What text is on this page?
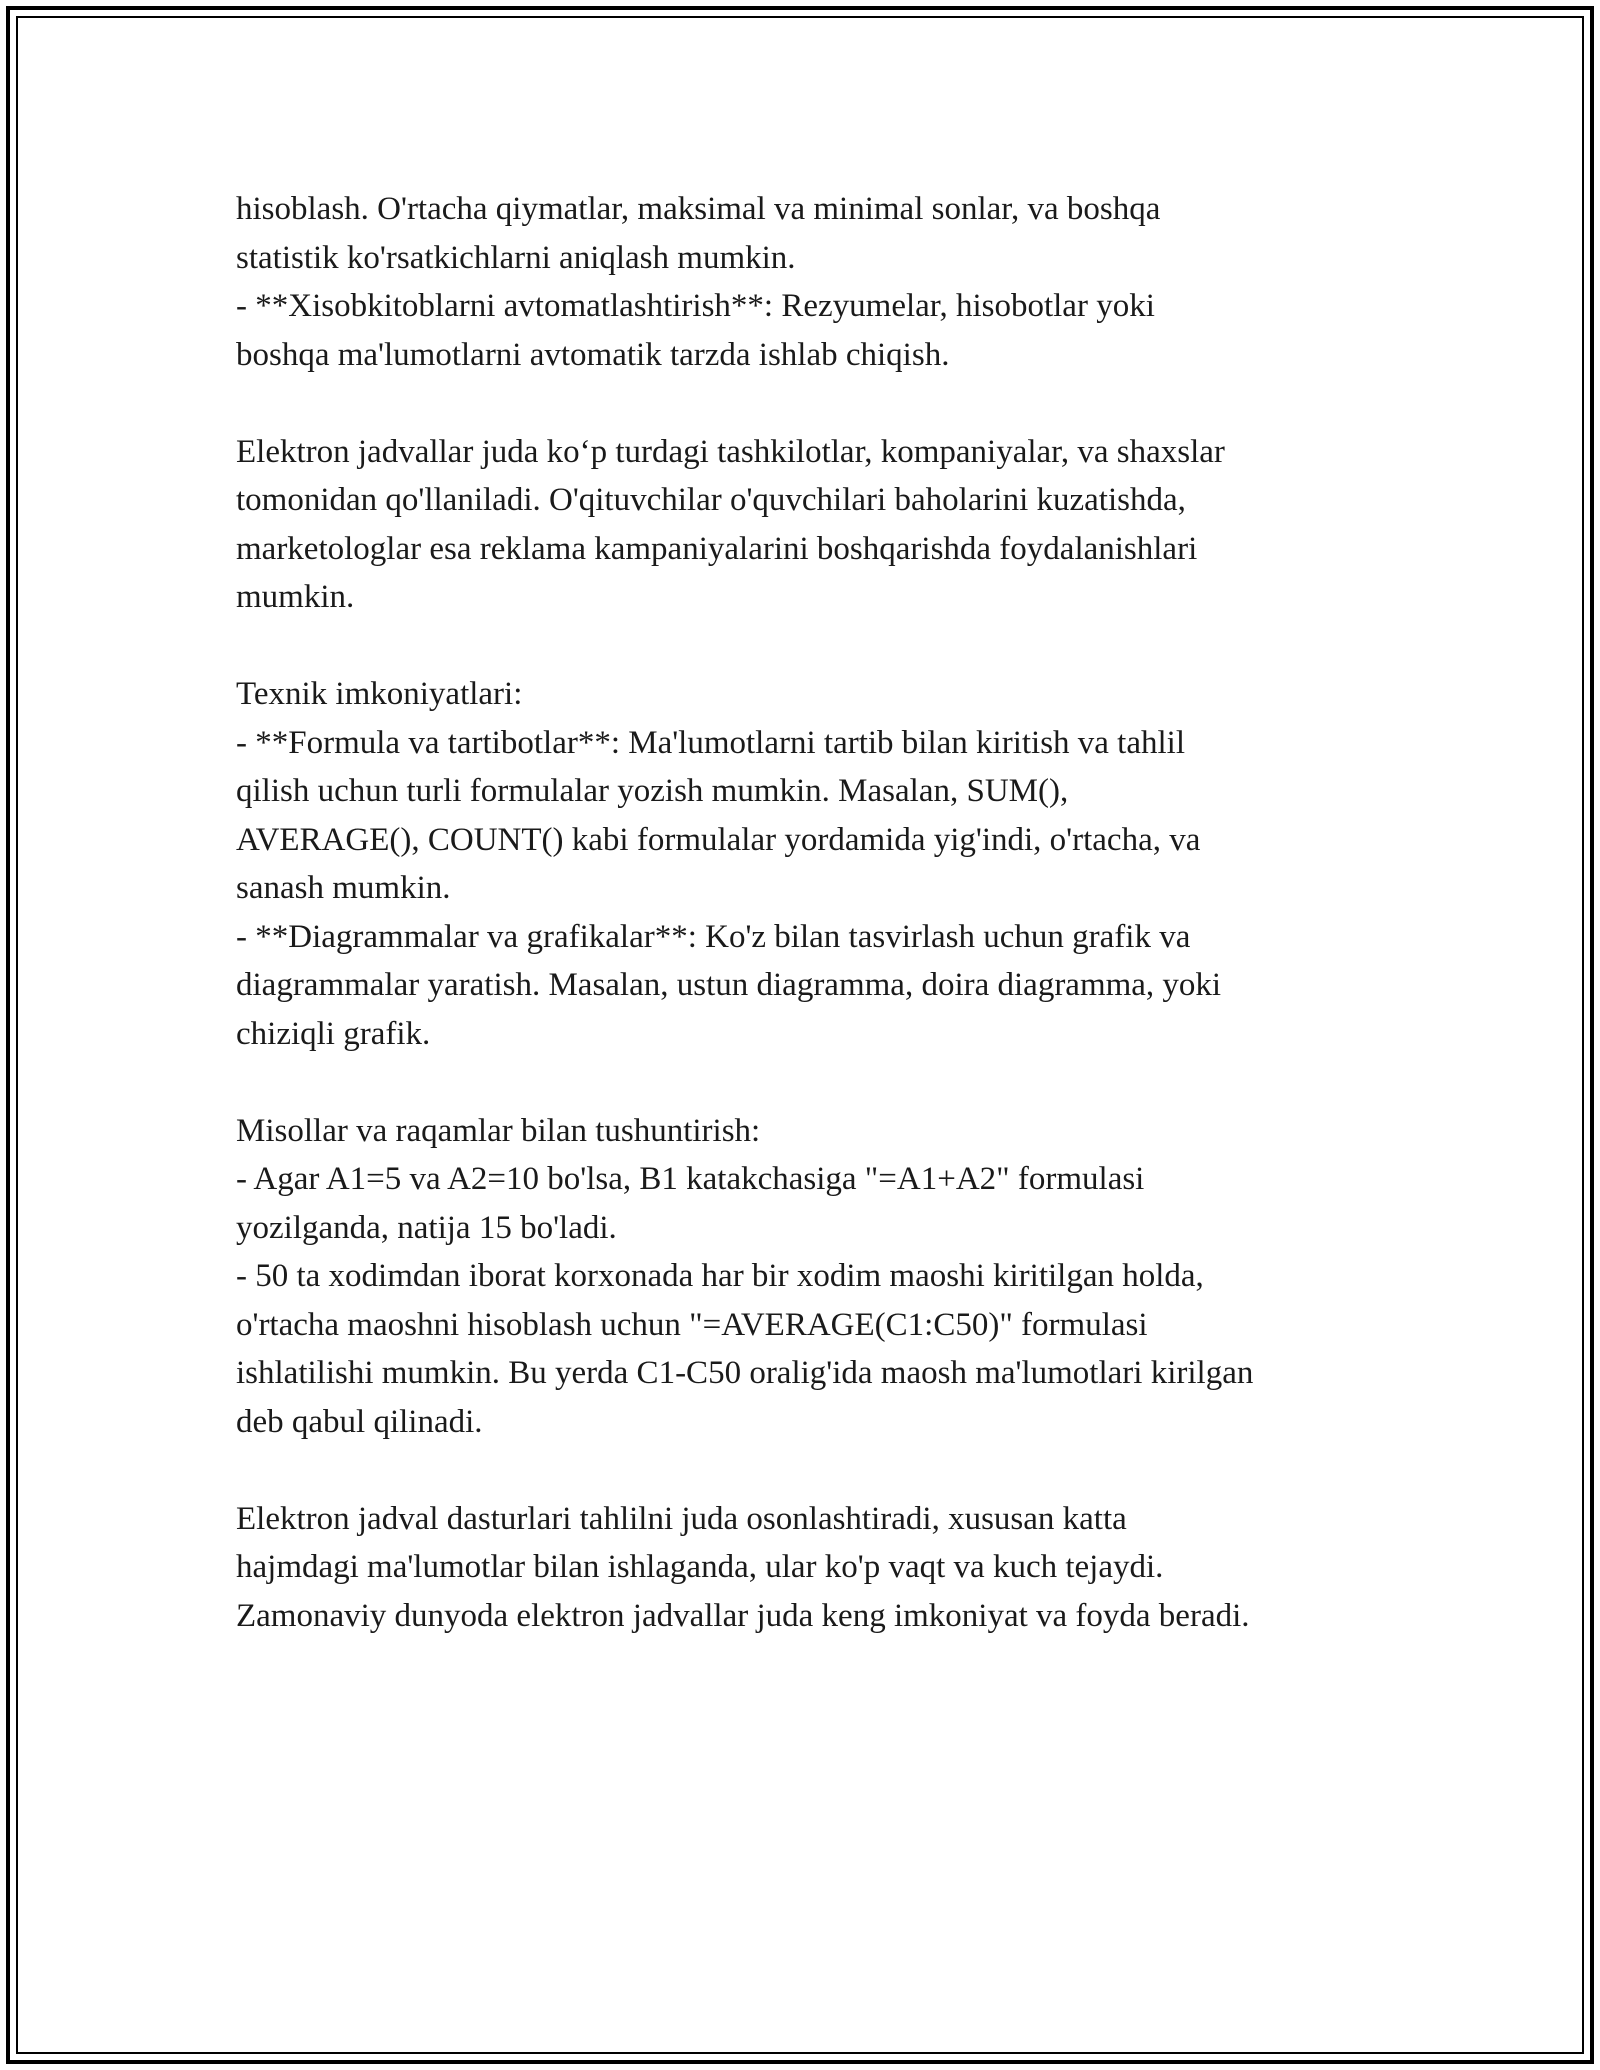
hisoblash. O'rtacha qiymatlar, maksimal va minimal sonlar, va boshqa
statistik ko'rsatkichlarni aniqlash mumkin.
- **Xisobkitoblarni avtomatlashtirish**: Rezyumelar, hisobotlar yoki
boshqa ma'lumotlarni avtomatik tarzda ishlab chiqish.
Elektron jadvallar juda ko‘p turdagi tashkilotlar, kompaniyalar, va shaxslar
tomonidan qo'llaniladi. O'qituvchilar o'quvchilari baholarini kuzatishda,
marketologlar esa reklama kampaniyalarini boshqarishda foydalanishlari
mumkin.
Texnik imkoniyatlari:
- **Formula va tartibotlar**: Ma'lumotlarni tartib bilan kiritish va tahlil
qilish uchun turli formulalar yozish mumkin. Masalan, SUM(),
AVERAGE(), COUNT() kabi formulalar yordamida yig'indi, o'rtacha, va
sanash mumkin.
- **Diagrammalar va grafikalar**: Ko'z bilan tasvirlash uchun grafik va
diagrammalar yaratish. Masalan, ustun diagramma, doira diagramma, yoki
chiziqli grafik.
Misollar va raqamlar bilan tushuntirish:
- Agar A1=5 va A2=10 bo'lsa, B1 katakchasiga "=A1+A2" formulasi
yozilganda, natija 15 bo'ladi.
- 50 ta xodimdan iborat korxonada har bir xodim maoshi kiritilgan holda,
o'rtacha maoshni hisoblash uchun "=AVERAGE(C1:C50)" formulasi
ishlatilishi mumkin. Bu yerda C1-C50 oralig'ida maosh ma'lumotlari kirilgan
deb qabul qilinadi.
Elektron jadval dasturlari tahlilni juda osonlashtiradi, xususan katta
hajmdagi ma'lumotlar bilan ishlaganda, ular ko'p vaqt va kuch tejaydi.
Zamonaviy dunyoda elektron jadvallar juda keng imkoniyat va foyda beradi.
